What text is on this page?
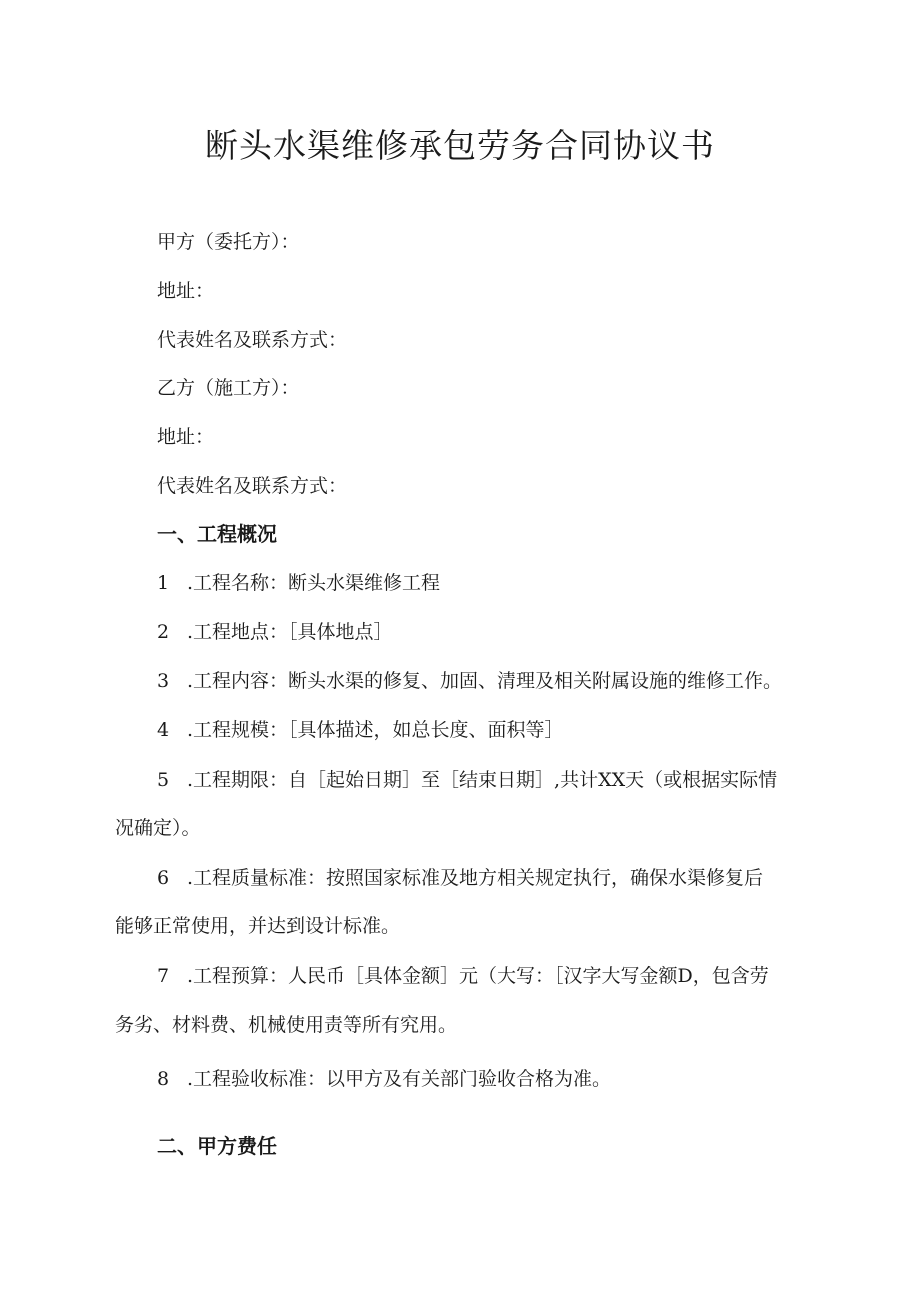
断头水渠维修承包劳务合同协议书

甲方（委托方）：

地址：

代表姓名及联系方式：

乙方（施工方）：

地址：

代表姓名及联系方式：

一、工程概况

1 .工程名称：断头水渠维修工程

2 .工程地点：［具体地点］

3 .工程内容：断头水渠的修复、加固、清理及相关附属设施的维修工作。

4 .工程规模：［具体描述，如总长度、面积等］

5 .工程期限：自［起始日期］至［结束日期］,共计XX天（或根据实际情

况确定）。

6 .工程质量标准：按照国家标准及地方相关规定执行，确保水渠修复后

能够正常使用，并达到设计标准。

7 .工程预算：人民币［具体金额］元（大写：［汉字大写金额D，包含劳

务劣、材料费、机械使用责等所有究用。

8 .工程验收标准：以甲方及有关部门验收合格为准。

二、甲方费任
